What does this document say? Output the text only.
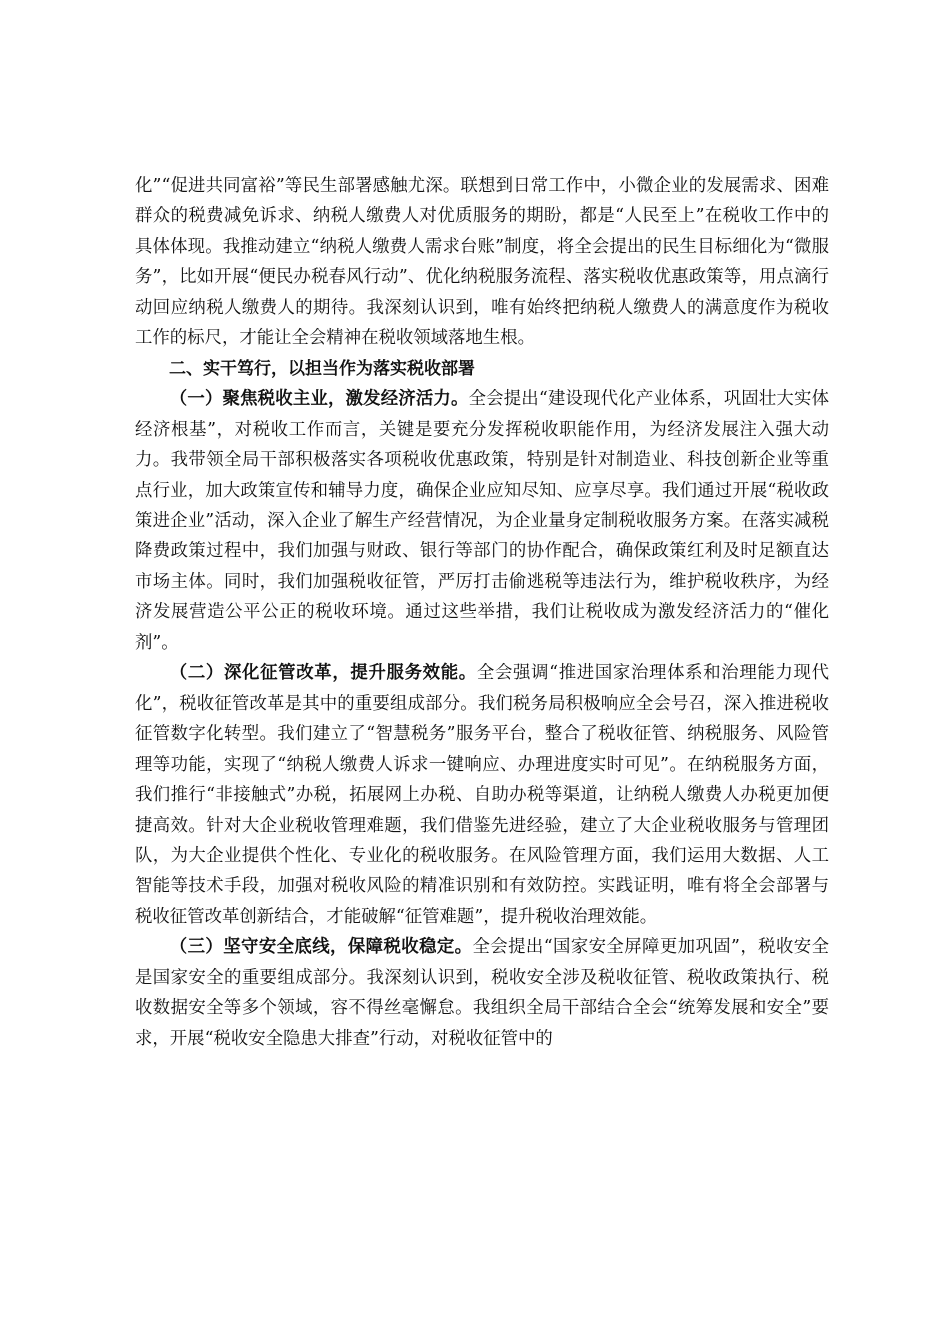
化”“促进共同富裕”等民生部署感触尤深。联想到日常工作中，小微企业的发展需求、困难群众的税费减免诉求、纳税人缴费人对优质服务的期盼，都是“人民至上”在税收工作中的具体体现。我推动建立“纳税人缴费人需求台账”制度，将全会提出的民生目标细化为“微服务”，比如开展“便民办税春风行动”、优化纳税服务流程、落实税收优惠政策等，用点滴行动回应纳税人缴费人的期待。我深刻认识到，唯有始终把纳税人缴费人的满意度作为税收工作的标尺，才能让全会精神在税收领域落地生根。

二、实干笃行，以担当作为落实税收部署

（一）聚焦税收主业，激发经济活力。全会提出“建设现代化产业体系，巩固壮大实体经济根基”，对税收工作而言，关键是要充分发挥税收职能作用，为经济发展注入强大动力。我带领全局干部积极落实各项税收优惠政策，特别是针对制造业、科技创新企业等重点行业，加大政策宣传和辅导力度，确保企业应知尽知、应享尽享。我们通过开展“税收政策进企业”活动，深入企业了解生产经营情况，为企业量身定制税收服务方案。在落实减税降费政策过程中，我们加强与财政、银行等部门的协作配合，确保政策红利及时足额直达市场主体。同时，我们加强税收征管，严厉打击偷逃税等违法行为，维护税收秩序，为经济发展营造公平公正的税收环境。通过这些举措，我们让税收成为激发经济活力的“催化剂”。

（二）深化征管改革，提升服务效能。全会强调“推进国家治理体系和治理能力现代化”，税收征管改革是其中的重要组成部分。我们税务局积极响应全会号召，深入推进税收征管数字化转型。我们建立了“智慧税务”服务平台，整合了税收征管、纳税服务、风险管理等功能，实现了“纳税人缴费人诉求一键响应、办理进度实时可见”。在纳税服务方面，我们推行“非接触式”办税，拓展网上办税、自助办税等渠道，让纳税人缴费人办税更加便捷高效。针对大企业税收管理难题，我们借鉴先进经验，建立了大企业税收服务与管理团队，为大企业提供个性化、专业化的税收服务。在风险管理方面，我们运用大数据、人工智能等技术手段，加强对税收风险的精准识别和有效防控。实践证明，唯有将全会部署与税收征管改革创新结合，才能破解“征管难题”，提升税收治理效能。

（三）坚守安全底线，保障税收稳定。全会提出“国家安全屏障更加巩固”，税收安全是国家安全的重要组成部分。我深刻认识到，税收安全涉及税收征管、税收政策执行、税收数据安全等多个领域，容不得丝毫懈怠。我组织全局干部结合全会“统筹发展和安全”要求，开展“税收安全隐患大排查”行动，对税收征管中的
